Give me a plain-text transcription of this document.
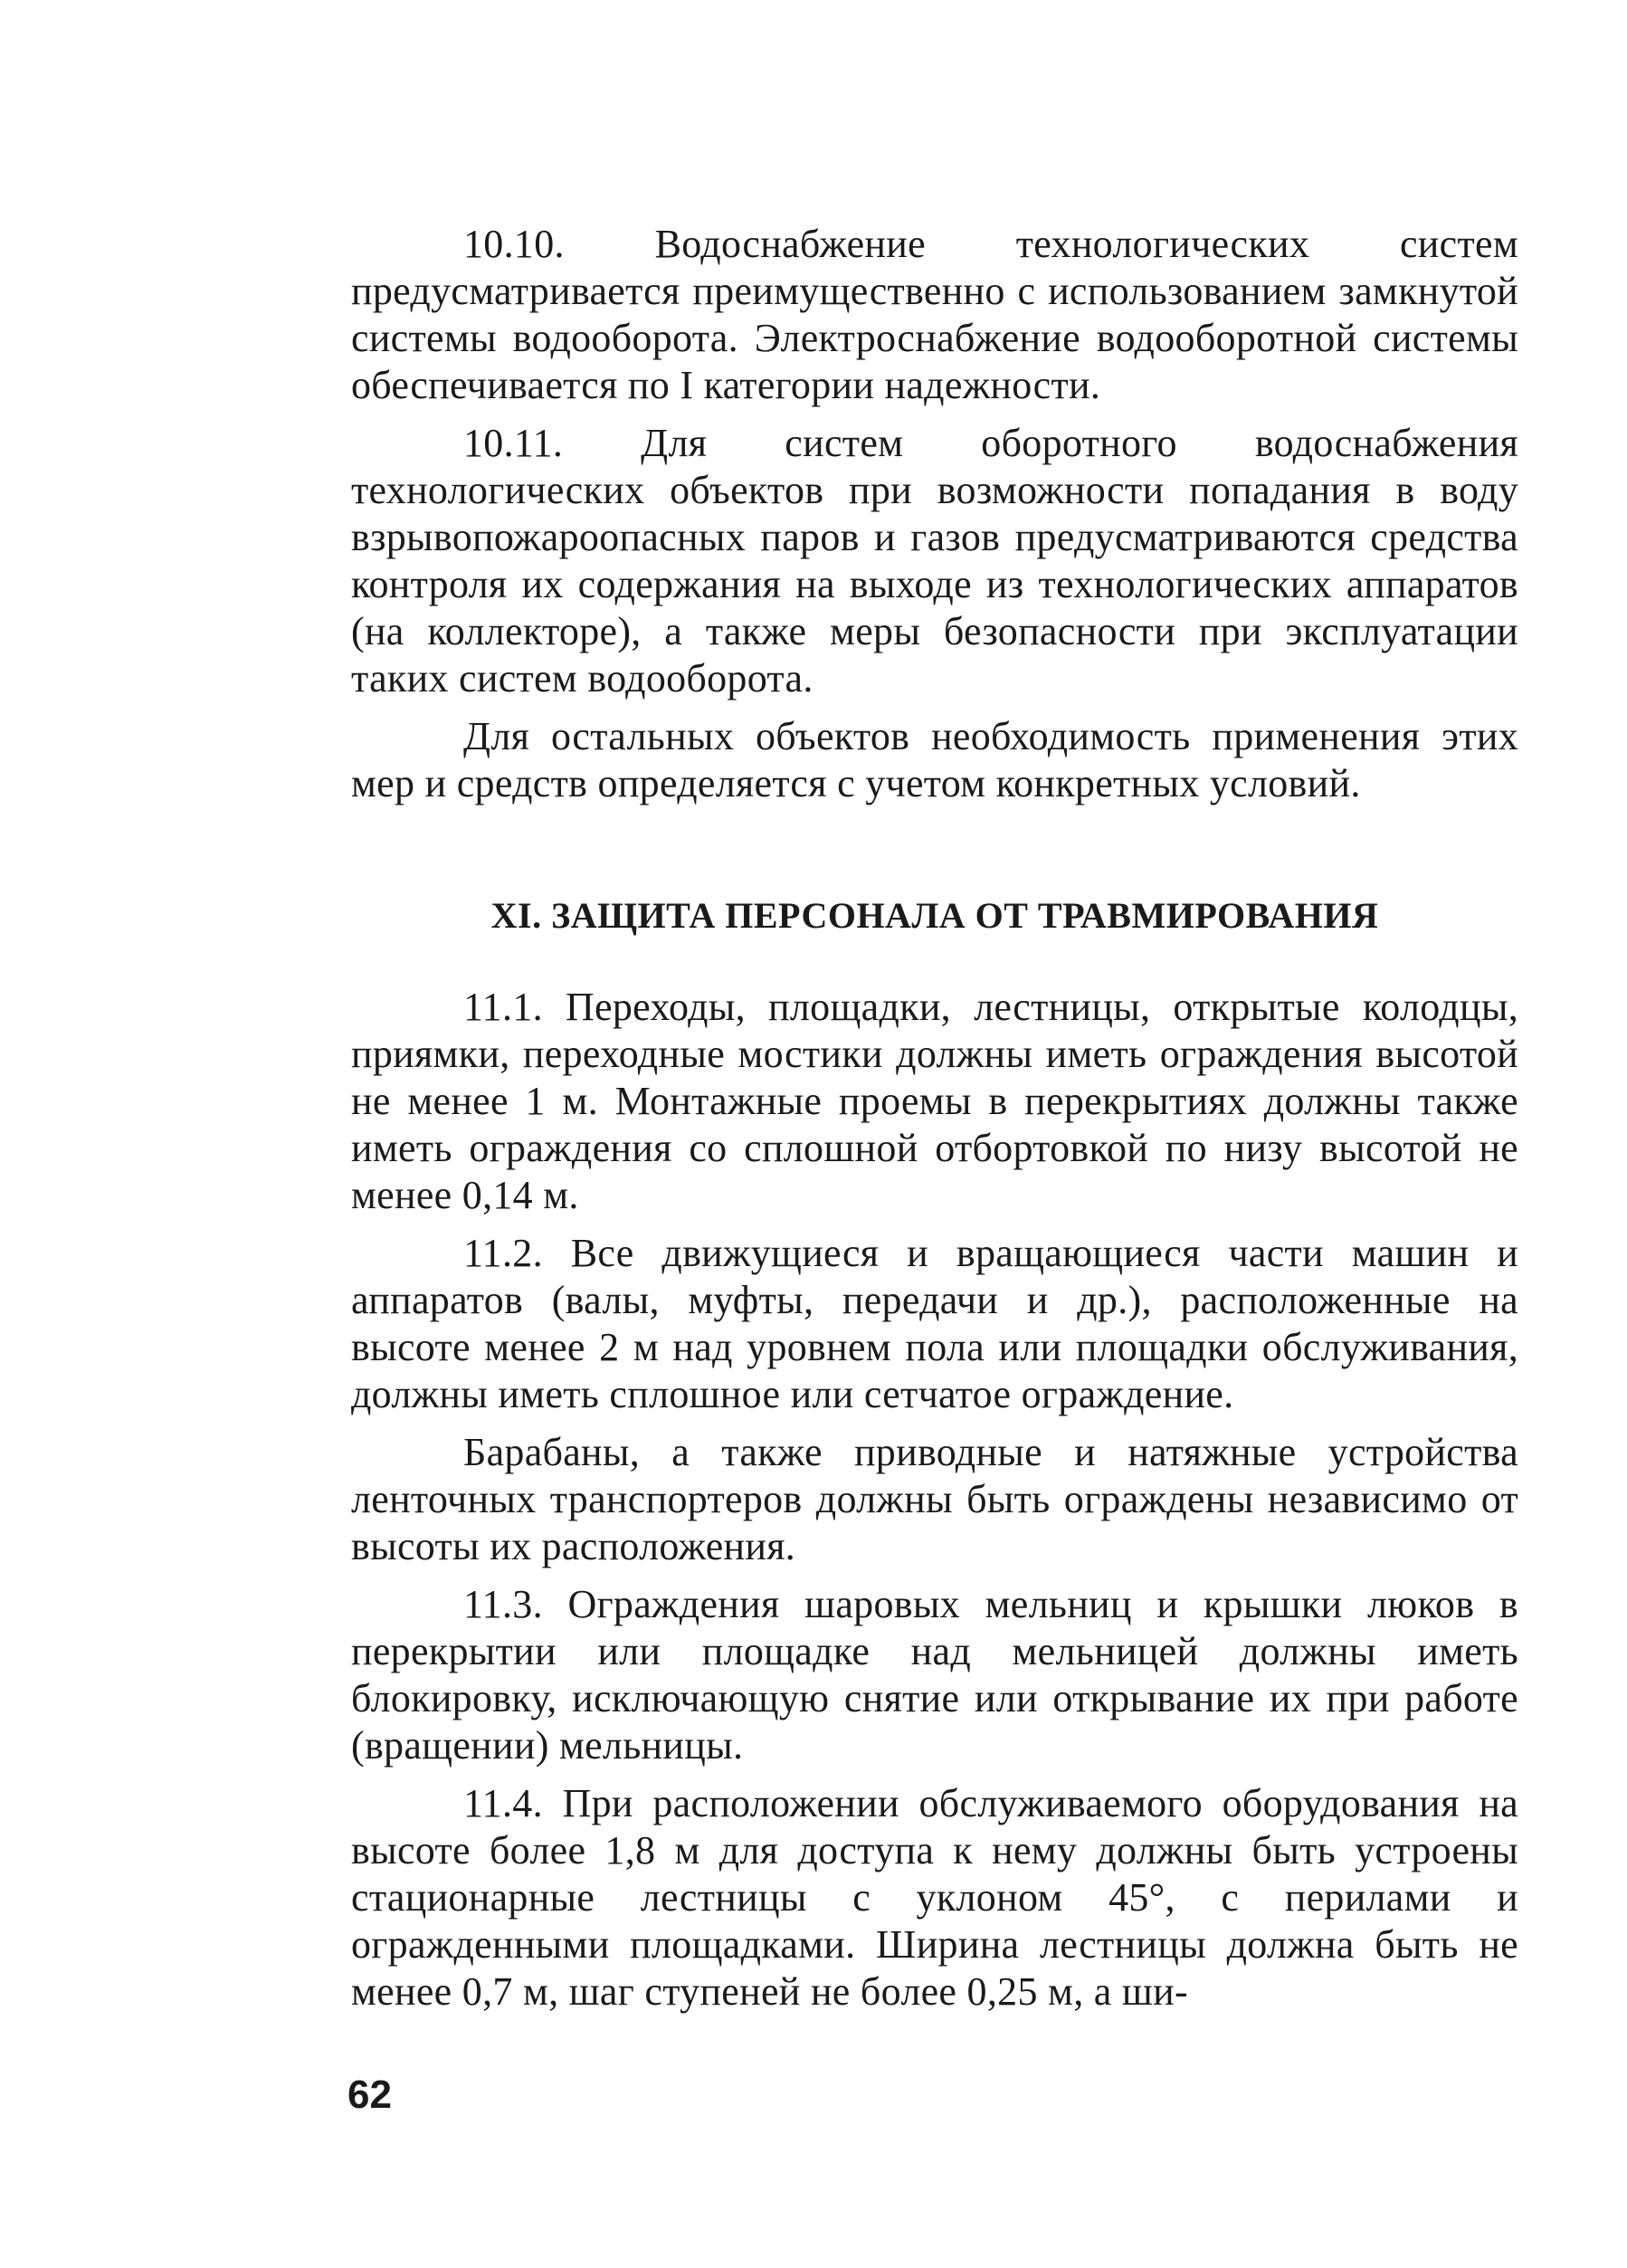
10.10. Водоснабжение технологических систем предусматривается преимущественно с использованием замкнутой системы водооборота. Электроснабжение водооборотной системы обеспечивается по I категории надежности.

10.11. Для систем оборотного водоснабжения технологических объектов при возможности попадания в воду взрывопожароопасных паров и газов предусматриваются средства контроля их содержания на выходе из технологических аппаратов (на коллекторе), а также меры безопасности при эксплуатации таких систем водооборота.

Для остальных объектов необходимость применения этих мер и средств определяется с учетом конкретных условий.

XI. ЗАЩИТА ПЕРСОНАЛА ОТ ТРАВМИРОВАНИЯ

11.1. Переходы, площадки, лестницы, открытые колодцы, приямки, переходные мостики должны иметь ограждения высотой не менее 1 м. Монтажные проемы в перекрытиях должны также иметь ограждения со сплошной отбортовкой по низу высотой не менее 0,14 м.

11.2. Все движущиеся и вращающиеся части машин и аппаратов (валы, муфты, передачи и др.), расположенные на высоте менее 2 м над уровнем пола или площадки обслуживания, должны иметь сплошное или сетчатое ограждение.

Барабаны, а также приводные и натяжные устройства ленточных транспортеров должны быть ограждены независимо от высоты их расположения.

11.3. Ограждения шаровых мельниц и крышки люков в перекрытии или площадке над мельницей должны иметь блокировку, исключающую снятие или открывание их при работе (вращении) мельницы.

11.4. При расположении обслуживаемого оборудования на высоте более 1,8 м для доступа к нему должны быть устроены стационарные лестницы с уклоном 45°, с перилами и огражденными площадками. Ширина лестницы должна быть не менее 0,7 м, шаг ступеней не более 0,25 м, а ши-

62
